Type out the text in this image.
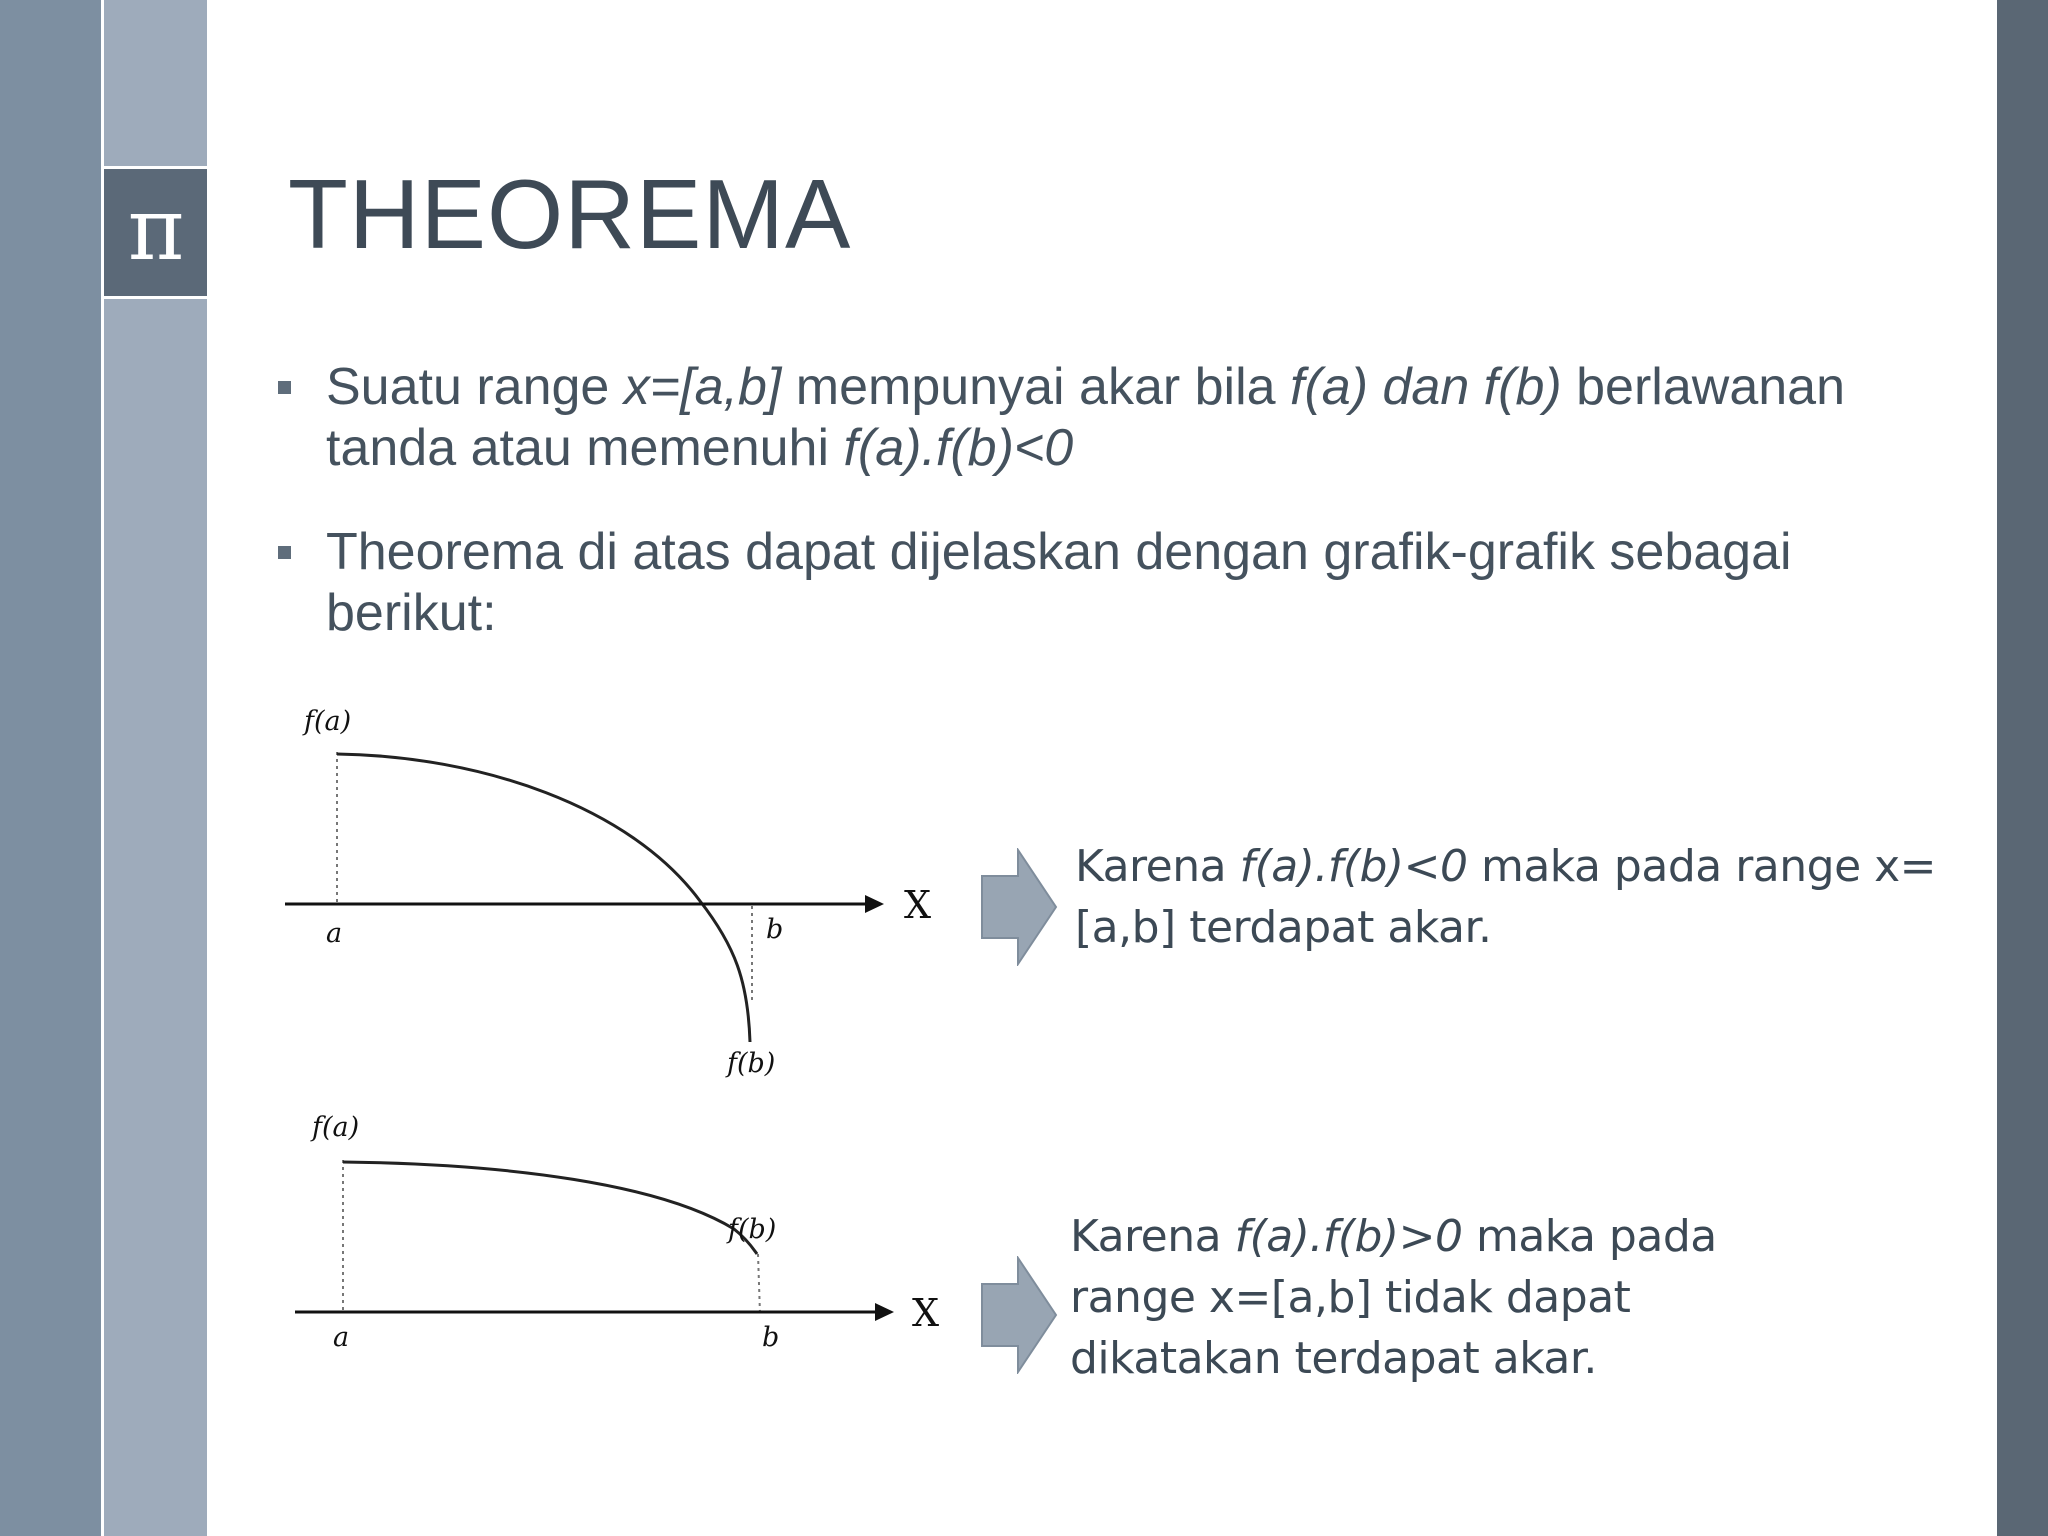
π THEOREMA
Suatu range x=[a,b] mempunyai akar bila f(a) dan f(b) berlawanan tanda atau memenuhi f(a).f(b)<0
Theorema di atas dapat dijelaskan dengan grafik-grafik sebagai berikut:
f(a)
X
a	b
f(b)
f(a)
X
a	b
f(b)
Karena f(a).f(b)<0 maka pada range x=[a,b] terdapat akar.
Karena f(a).f(b)>0 maka pada range x=[a,b] tidak dapat dikatakan terdapat akar.
